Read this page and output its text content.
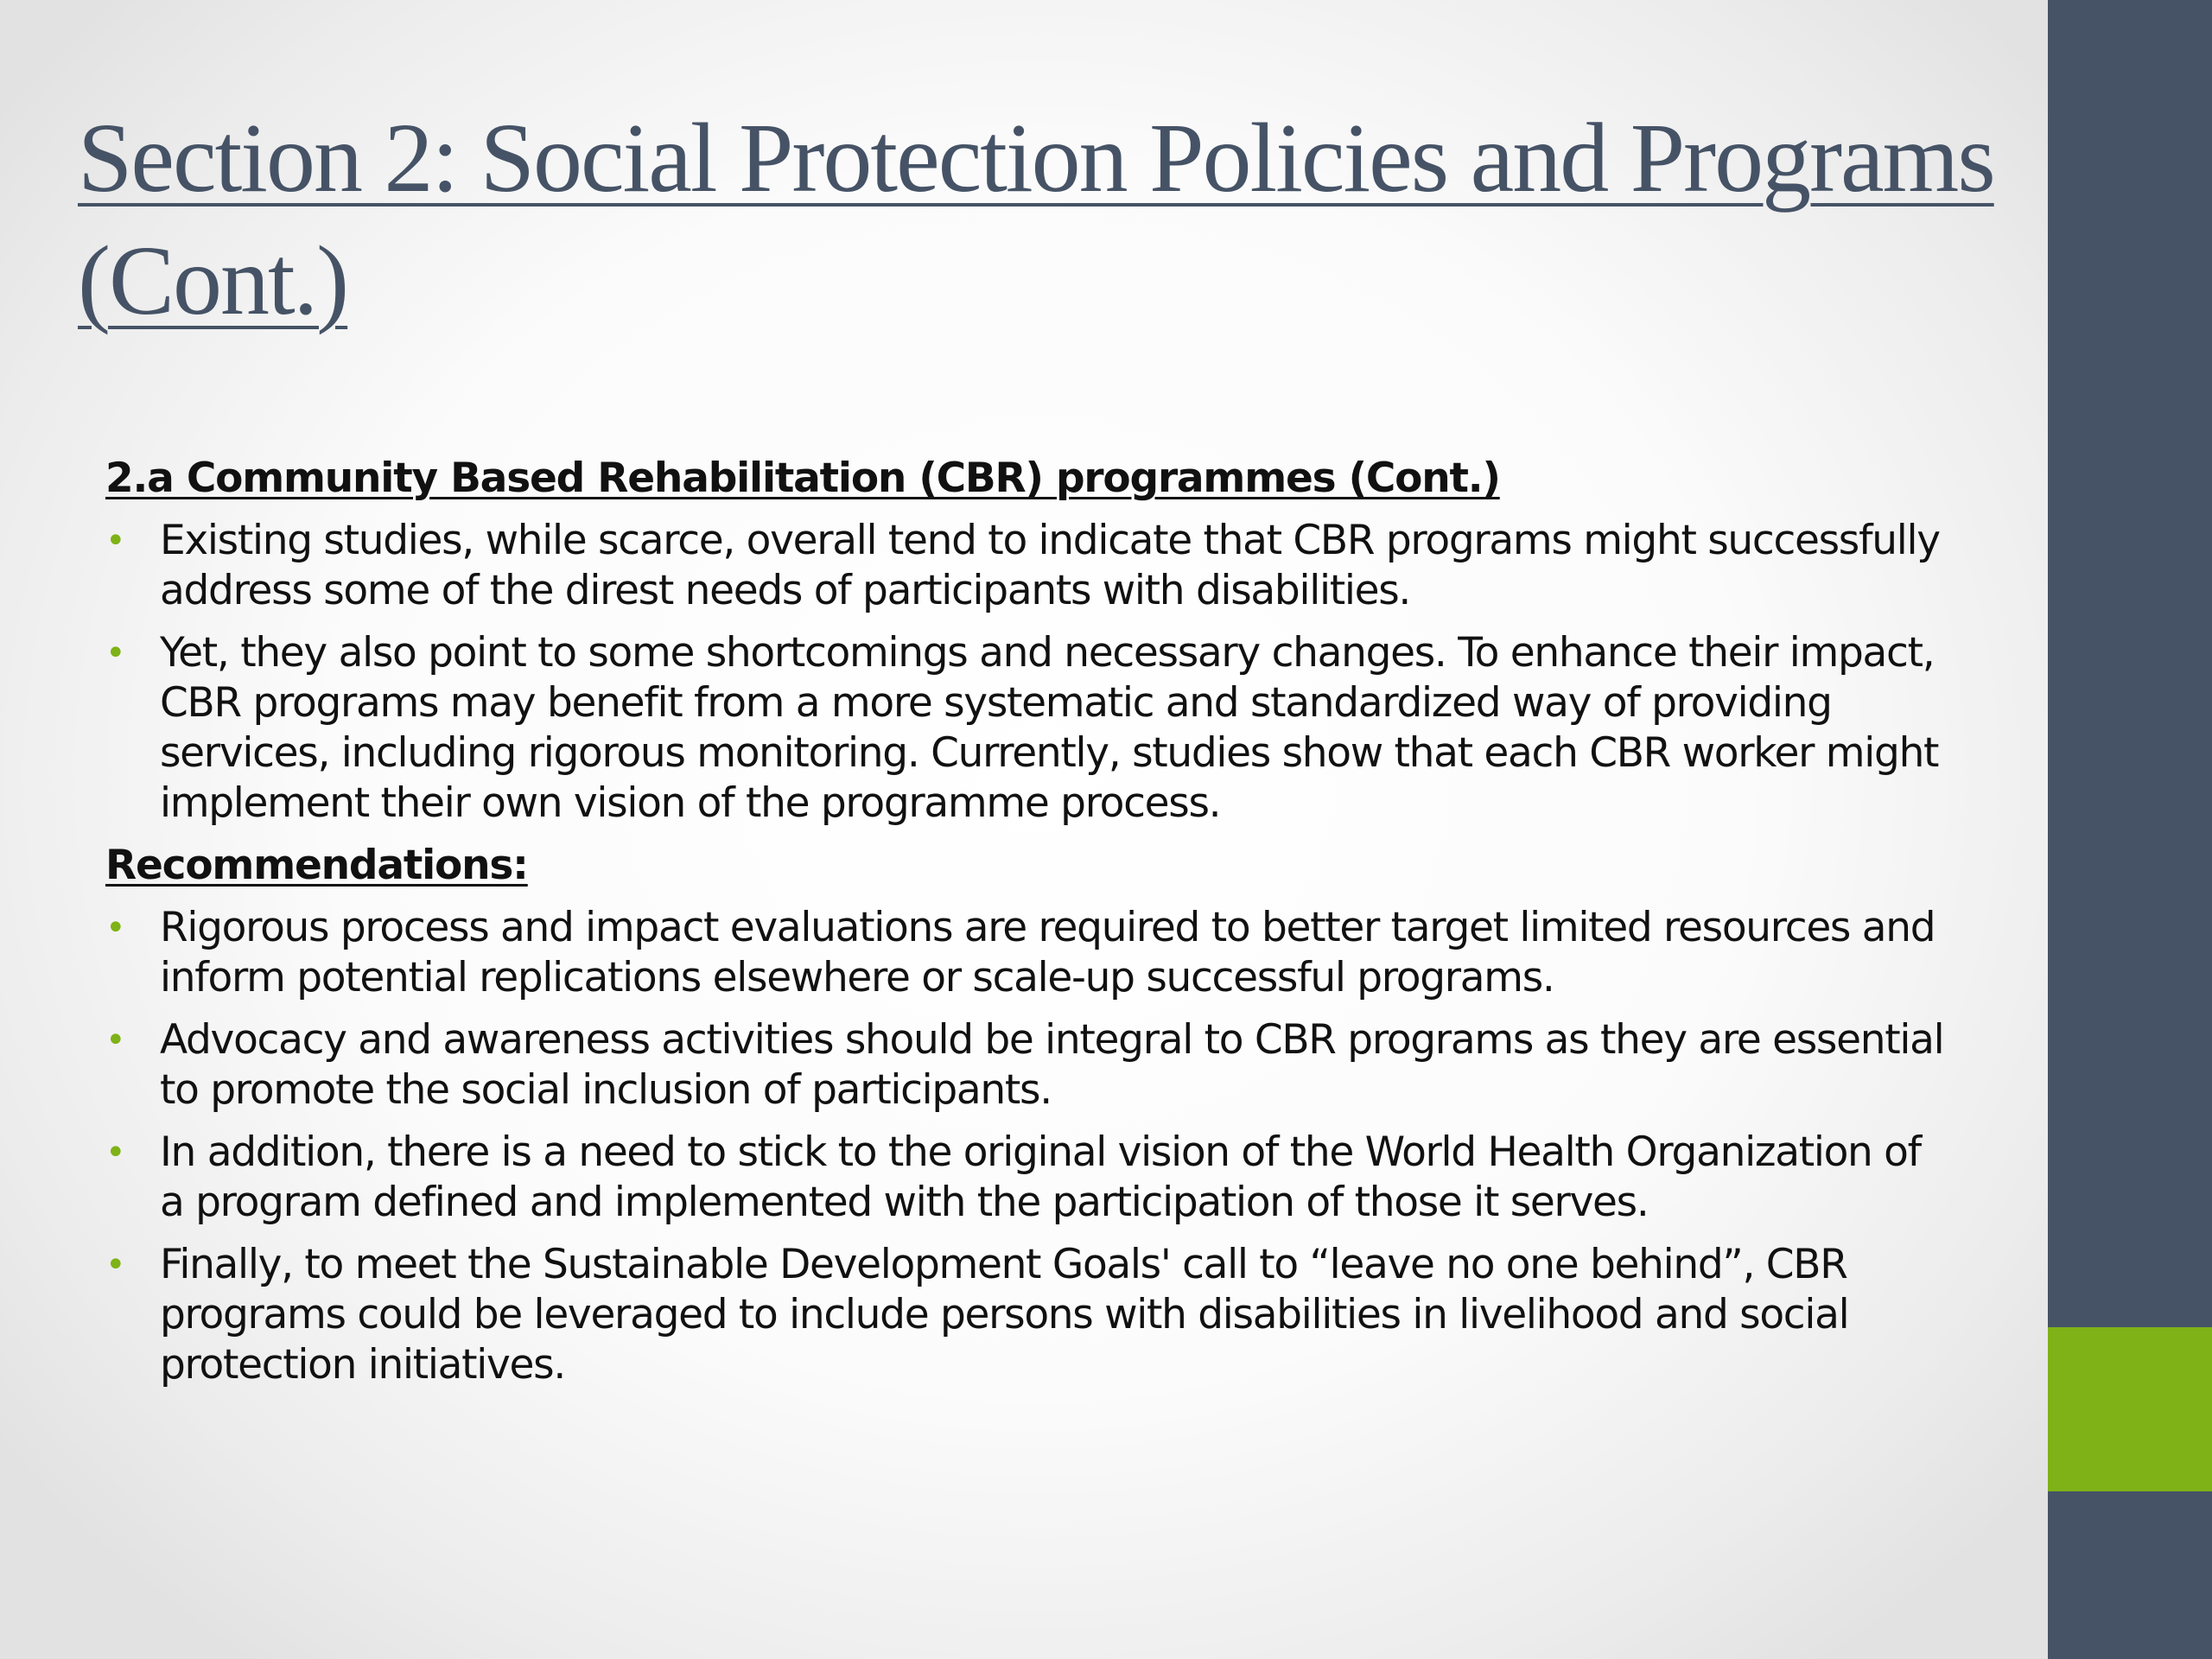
Section 2: Social Protection Policies and Programs (Cont.)
2.a Community Based Rehabilitation (CBR) programmes (Cont.)
• Existing studies, while scarce, overall tend to indicate that CBR programs might successfully address some of the direst needs of participants with disabilities.
• Yet, they also point to some shortcomings and necessary changes. To enhance their impact, CBR programs may benefit from a more systematic and standardized way of providing services, including rigorous monitoring. Currently, studies show that each CBR worker might implement their own vision of the programme process.
Recommendations:
• Rigorous process and impact evaluations are required to better target limited resources and inform potential replications elsewhere or scale-up successful programs.
• Advocacy and awareness activities should be integral to CBR programs as they are essential to promote the social inclusion of participants.
• In addition, there is a need to stick to the original vision of the World Health Organization of a program defined and implemented with the participation of those it serves.
• Finally, to meet the Sustainable Development Goals' call to “leave no one behind”, CBR programs could be leveraged to include persons with disabilities in livelihood and social protection initiatives.
